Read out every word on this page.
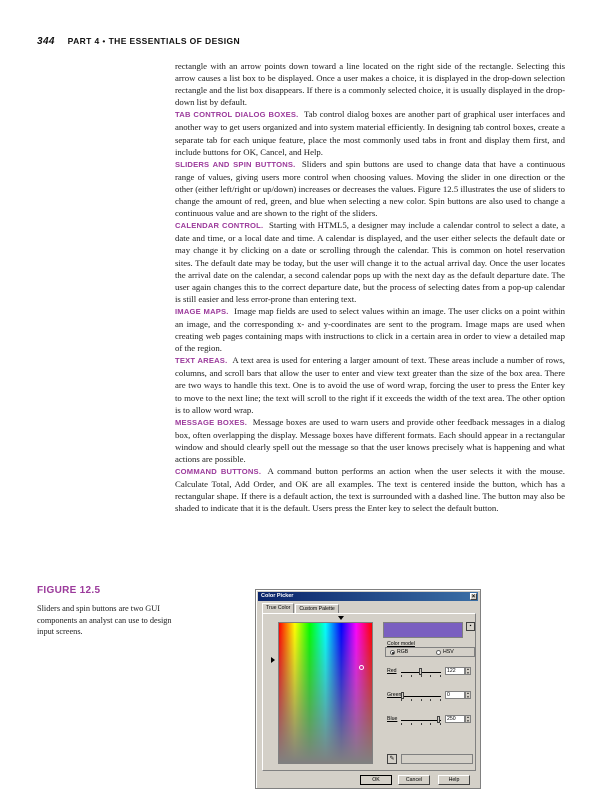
344 PART 4 • THE ESSENTIALS OF DESIGN

rectangle with an arrow points down toward a line located on the right side of the rectangle. Selecting this arrow causes a list box to be displayed. Once a user makes a choice, it is displayed in the drop-down selection rectangle and the list box disappears. If there is a commonly selected choice, it is usually displayed in the drop-down list by default.

TAB CONTROL DIALOG BOXES. Tab control dialog boxes are another part of graphical user interfaces and another way to get users organized and into system material efficiently. In designing tab control boxes, create a separate tab for each unique feature, place the most commonly used tabs in front and display them first, and include buttons for OK, Cancel, and Help.

SLIDERS AND SPIN BUTTONS. Sliders and spin buttons are used to change data that have a continuous range of values, giving users more control when choosing values. Moving the slider in one direction or the other (either left/right or up/down) increases or decreases the values. Figure 12.5 illustrates the use of sliders to change the amount of red, green, and blue when selecting a new color. Spin buttons are also used to change a continuous value and are shown to the right of the sliders.

CALENDAR CONTROL. Starting with HTML5, a designer may include a calendar control to select a date, a date and time, or a local date and time. A calendar is displayed, and the user either selects the default date or may change it by clicking on a date or scrolling through the calendar. This is common on hotel reservation sites. The default date may be today, but the user will change it to the actual arrival day. Once the user locates the arrival date on the calendar, a second calendar pops up with the next day as the default departure date. The user again changes this to the correct departure date, but the process of selecting dates from a pop-up calendar is still easier and less error-prone than entering text.

IMAGE MAPS. Image map fields are used to select values within an image. The user clicks on a point within an image, and the corresponding x- and y-coordinates are sent to the program. Image maps are used when creating web pages containing maps with instructions to click in a certain area in order to view a detailed map of the region.

TEXT AREAS. A text area is used for entering a larger amount of text. These areas include a number of rows, columns, and scroll bars that allow the user to enter and view text greater than the size of the box area. There are two ways to handle this text. One is to avoid the use of word wrap, forcing the user to press the Enter key to move to the next line; the text will scroll to the right if it exceeds the width of the text area. The other option is to allow word wrap.

MESSAGE BOXES. Message boxes are used to warn users and provide other feedback messages in a dialog box, often overlapping the display. Message boxes have different formats. Each should appear in a rectangular window and should clearly spell out the message so that the user knows precisely what is happening and what actions are possible.

COMMAND BUTTONS. A command button performs an action when the user selects it with the mouse. Calculate Total, Add Order, and OK are all examples. The text is centered inside the button, which has a rectangular shape. If there is a default action, the text is surrounded with a dashed line. The button may also be shaded to indicate that it is the default. Users press the Enter key to select the default button.

FIGURE 12.5
Sliders and spin buttons are two GUI components an analyst can use to design input screens.
Color Picker	×
True Color	Custom Palette
▪
Color model
RGB	HSV
Red	122	▲
▼
Green	0	▲
▼
Blue	250	▲
▼
✎
OK	Cancel	Help
